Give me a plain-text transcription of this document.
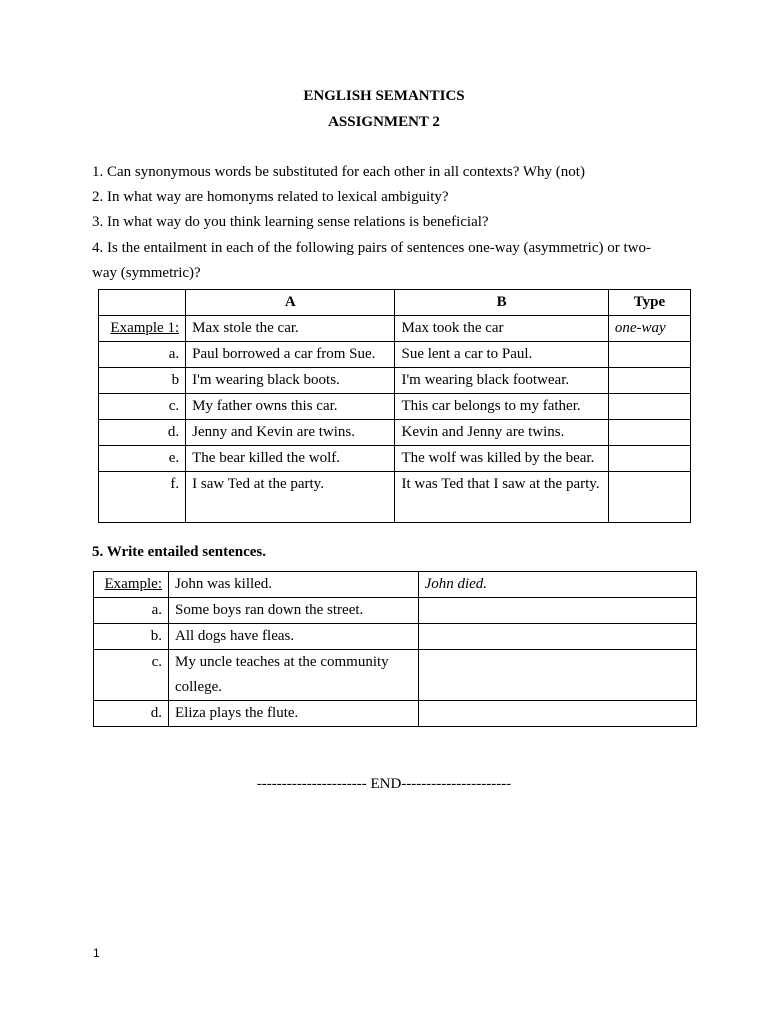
ENGLISH SEMANTICS
ASSIGNMENT 2
1. Can synonymous words be substituted for each other in all contexts? Why (not)
2. In what way are homonyms related to lexical ambiguity?
3. In what way do you think learning sense relations is beneficial?
4. Is the entailment in each of the following pairs of sentences one-way (asymmetric) or two-
way (symmetric)?
	A	B	Type
Example 1:	Max stole the car.	Max took the car	one-way
a.	Paul borrowed a car from Sue.	Sue lent a car to Paul.	
b	I'm wearing black boots.	I'm wearing black footwear.	
c.	My father owns this car.	This car belongs to my father.	
d.	Jenny and Kevin are twins.	Kevin and Jenny are twins.	
e.	The bear killed the wolf.	The wolf was killed by the bear.	
f.	I saw Ted at the party.	It was Ted that I saw at the party.	
5. Write entailed sentences.
Example:	John was killed.	John died.
a.	Some boys ran down the street.	
b.	All dogs have fleas.	
c.	My uncle teaches at the community college.	
d.	Eliza plays the flute.	
---------------------- END----------------------
1
